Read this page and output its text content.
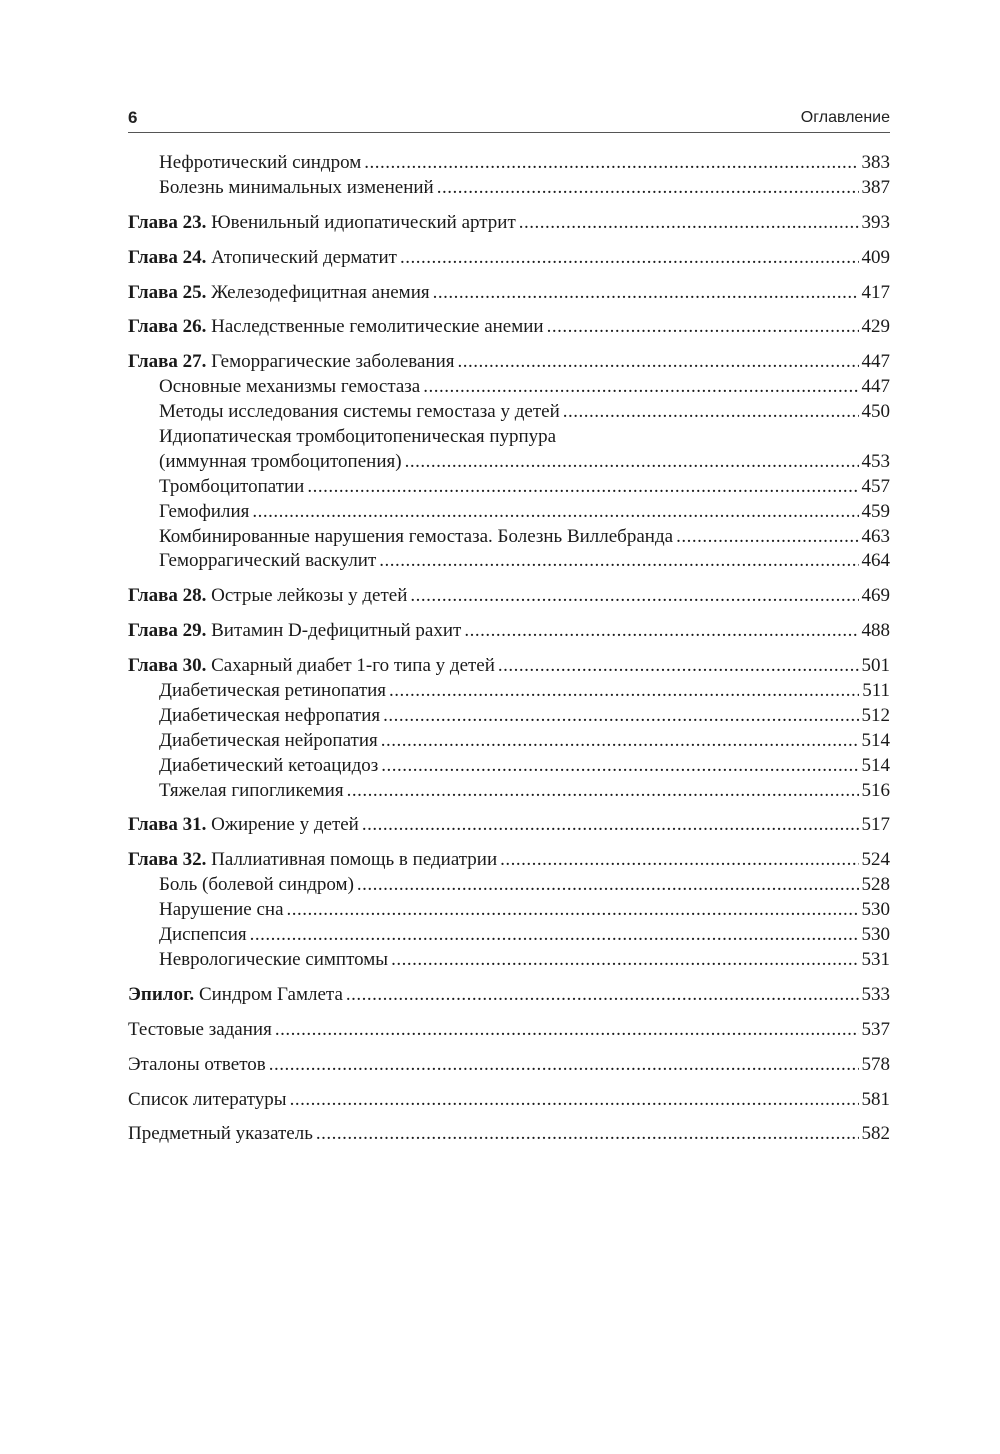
6	Оглавление
Нефротический синдром .....	383
Болезнь минимальных изменений .....	387
Глава 23. Ювенильный идиопатический артрит .....	393
Глава 24. Атопический дерматит .....	409
Глава 25. Железодефицитная анемия .....	417
Глава 26. Наследственные гемолитические анемии .....	429
Глава 27. Геморрагические заболевания .....	447
Основные механизмы гемостаза .....	447
Методы исследования системы гемостаза у детей .....	450
Идиопатическая тромбоцитопеническая пурпура
(иммунная тромбоцитопения) .....	453
Тромбоцитопатии .....	457
Гемофилия .....	459
Комбинированные нарушения гемостаза. Болезнь Виллебранда .....	463
Геморрагический васкулит .....	464
Глава 28. Острые лейкозы у детей .....	469
Глава 29. Витамин D-дефицитный рахит .....	488
Глава 30. Сахарный диабет 1-го типа у детей .....	501
Диабетическая ретинопатия .....	511
Диабетическая нефропатия .....	512
Диабетическая нейропатия .....	514
Диабетический кетоацидоз .....	514
Тяжелая гипогликемия .....	516
Глава 31. Ожирение у детей .....	517
Глава 32. Паллиативная помощь в педиатрии .....	524
Боль (болевой синдром) .....	528
Нарушение сна .....	530
Диспепсия .....	530
Неврологические симптомы .....	531
Эпилог. Синдром Гамлета .....	533
Тестовые задания .....	537
Эталоны ответов .....	578
Список литературы .....	581
Предметный указатель .....	582
